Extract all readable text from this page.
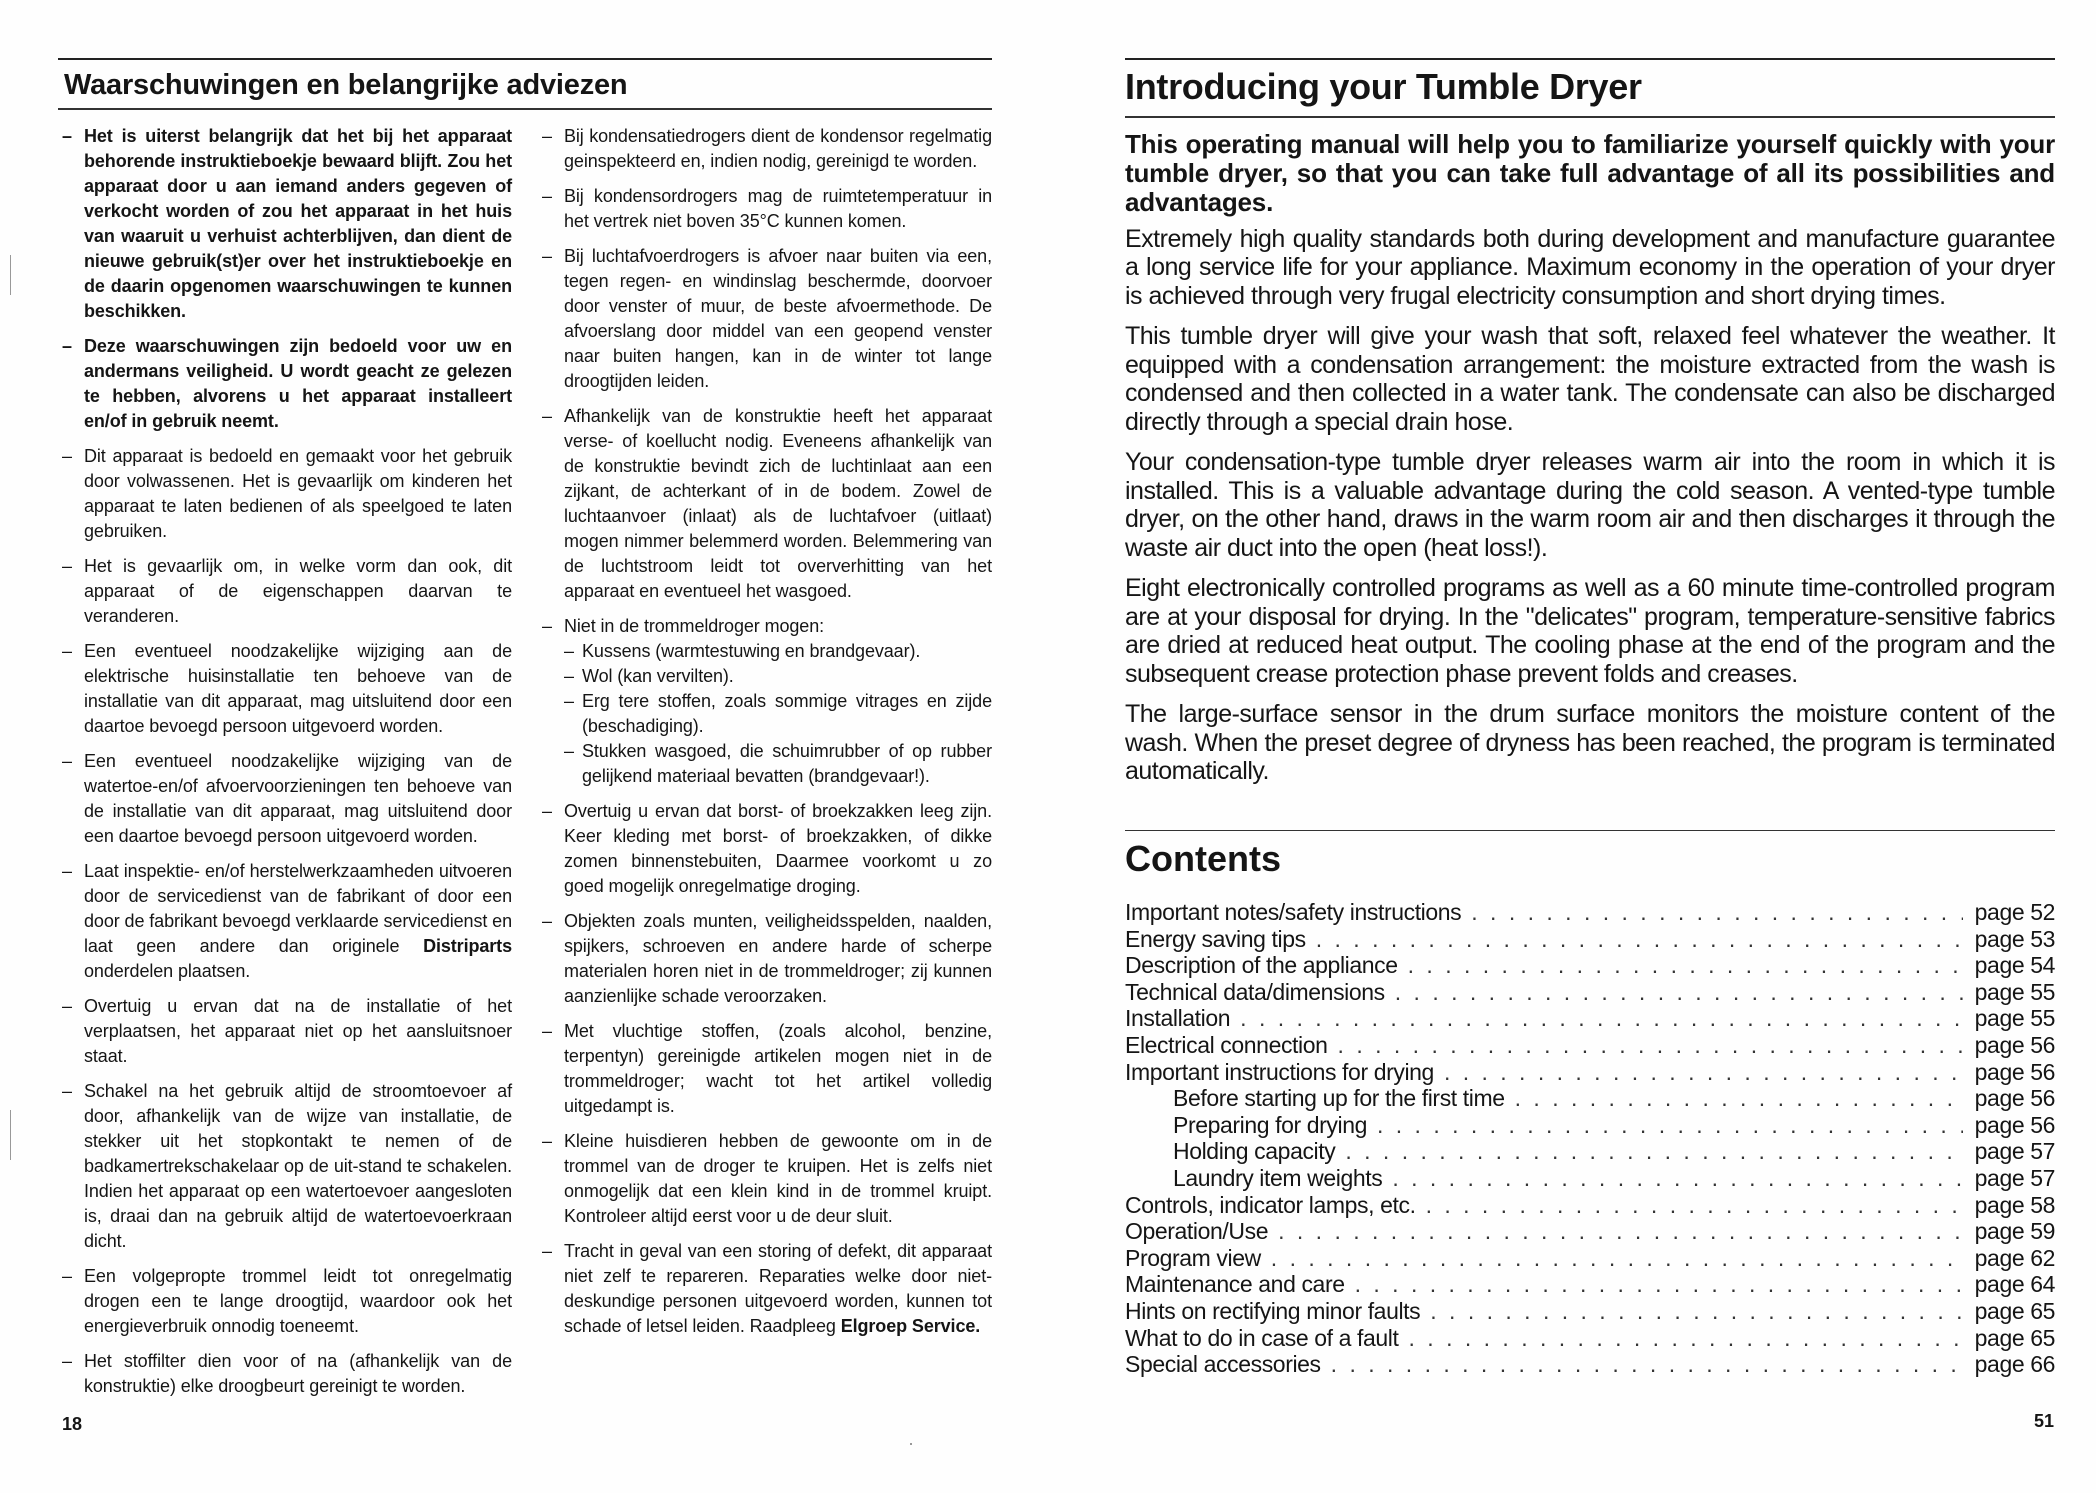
Waarschuwingen en belangrijke adviezen
– Het is uiterst belangrijk dat het bij het apparaat behorende instruktieboekje bewaard blijft. Zou het apparaat door u aan iemand anders gegeven of verkocht worden of zou het apparaat in het huis van waaruit u verhuist achterblijven, dan dient de nieuwe gebruik(st)er over het instruktieboekje en de daarin opgenomen waarschuwingen te kunnen beschikken.
– Deze waarschuwingen zijn bedoeld voor uw en andermans veiligheid. U wordt geacht ze gelezen te hebben, alvorens u het apparaat installeert en/of in gebruik neemt.
– Dit apparaat is bedoeld en gemaakt voor het gebruik door volwassenen. Het is gevaarlijk om kinderen het apparaat te laten bedienen of als speelgoed te laten gebruiken.
– Het is gevaarlijk om, in welke vorm dan ook, dit apparaat of de eigenschappen daarvan te veranderen.
– Een eventueel noodzakelijke wijziging aan de elektrische huisinstallatie ten behoeve van de installatie van dit apparaat, mag uitsluitend door een daartoe bevoegd persoon uitgevoerd worden.
– Een eventueel noodzakelijke wijziging van de watertoe-en/of afvoervoorzieningen ten behoeve van de installatie van dit apparaat, mag uitsluitend door een daartoe bevoegd persoon uitgevoerd worden.
– Laat inspektie- en/of herstelwerkzaamheden uitvoeren door de servicedienst van de fabrikant of door een door de fabrikant bevoegd verklaarde servicedienst en laat geen andere dan originele Distriparts onderdelen plaatsen.
– Overtuig u ervan dat na de installatie of het verplaatsen, het apparaat niet op het aansluitsnoer staat.
– Schakel na het gebruik altijd de stroomtoevoer af door, afhankelijk van de wijze van installatie, de stekker uit het stopkontakt te nemen of de badkamertrekschakelaar op de uit-stand te schakelen. Indien het apparaat op een watertoevoer aangesloten is, draai dan na gebruik altijd de watertoevoerkraan dicht.
– Een volgepropte trommel leidt tot onregelmatig drogen een te lange droogtijd, waardoor ook het energieverbruik onnodig toeneemt.
– Het stoffilter dien voor of na (afhankelijk van de konstruktie) elke droogbeurt gereinigt te worden.
– Bij kondensatiedrogers dient de kondensor regelmatig geinspekteerd en, indien nodig, gereinigd te worden.
– Bij kondensordrogers mag de ruimtetemperatuur in het vertrek niet boven 35°C kunnen komen.
– Bij luchtafvoerdrogers is afvoer naar buiten via een, tegen regen- en windinslag beschermde, doorvoer door venster of muur, de beste afvoermethode. De afvoerslang door middel van een geopend venster naar buiten hangen, kan in de winter tot lange droogtijden leiden.
– Afhankelijk van de konstruktie heeft het apparaat verse- of koellucht nodig. Eveneens afhankelijk van de konstruktie bevindt zich de luchtinlaat aan een zijkant, de achterkant of in de bodem. Zowel de luchtaanvoer (inlaat) als de luchtafvoer (uitlaat) mogen nimmer belemmerd worden. Belemmering van de luchtstroom leidt tot oververhitting van het apparaat en eventueel het wasgoed.
– Niet in de trommeldroger mogen:
– Kussens (warmtestuwing en brandgevaar).
– Wol (kan vervilten).
– Erg tere stoffen, zoals sommige vitrages en zijde (beschadiging).
– Stukken wasgoed, die schuimrubber of op rubber gelijkend materiaal bevatten (brandgevaar!).
– Overtuig u ervan dat borst- of broekzakken leeg zijn. Keer kleding met borst- of broekzakken, of dikke zomen binnenstebuiten, Daarmee voorkomt u zo goed mogelijk onregelmatige droging.
– Objekten zoals munten, veiligheidsspelden, naalden, spijkers, schroeven en andere harde of scherpe materialen horen niet in de trommeldroger; zij kunnen aanzienlijke schade veroorzaken.
– Met vluchtige stoffen, (zoals alcohol, benzine, terpentyn) gereinigde artikelen mogen niet in de trommeldroger; wacht tot het artikel volledig uitgedampt is.
– Kleine huisdieren hebben de gewoonte om in de trommel van de droger te kruipen. Het is zelfs niet onmogelijk dat een klein kind in de trommel kruipt. Kontroleer altijd eerst voor u de deur sluit.
– Tracht in geval van een storing of defekt, dit apparaat niet zelf te repareren. Reparaties welke door niet-deskundige personen uitgevoerd worden, kunnen tot schade of letsel leiden. Raadpleeg Elgroep Service.
18
Introducing your Tumble Dryer
This operating manual will help you to familiarize yourself quickly with your tumble dryer, so that you can take full advantage of all its possibilities and advantages.

Extremely high quality standards both during development and manufacture guarantee a long service life for your appliance. Maximum economy in the operation of your dryer is achieved through very frugal electricity consumption and short drying times.

This tumble dryer will give your wash that soft, relaxed feel whatever the weather. It equipped with a condensation arrangement: the moisture extracted from the wash is condensed and then collected in a water tank. The condensate can also be discharged directly through a special drain hose.

Your condensation-type tumble dryer releases warm air into the room in which it is installed. This is a valuable advantage during the cold season. A vented-type tumble dryer, on the other hand, draws in the warm room air and then discharges it through the waste air duct into the open (heat loss!).

Eight electronically controlled programs as well as a 60 minute time-controlled program are at your disposal for drying. In the "delicates" program, temperature-sensitive fabrics are dried at reduced heat output. The cooling phase at the end of the program and the subsequent crease protection phase prevent folds and creases.

The large-surface sensor in the drum surface monitors the moisture content of the wash. When the preset degree of dryness has been reached, the program is terminated automatically.

Contents
Important notes/safety instructions . . .	page 52
Energy saving tips . . .	page 53
Description of the appliance . . .	page 54
Technical data/dimensions . . .	page 55
Installation . . .	page 55
Electrical connection . . .	page 56
Important instructions for drying . . .	page 56
Before starting up for the first time . . .	page 56
Preparing for drying . . .	page 56
Holding capacity . . .	page 57
Laundry item weights . . .	page 57
Controls, indicator lamps, etc. . . .	page 58
Operation/Use . . .	page 59
Program view . . .	page 62
Maintenance and care . . .	page 64
Hints on rectifying minor faults . . .	page 65
What to do in case of a fault . . .	page 65
Special accessories . . .	page 66
51
